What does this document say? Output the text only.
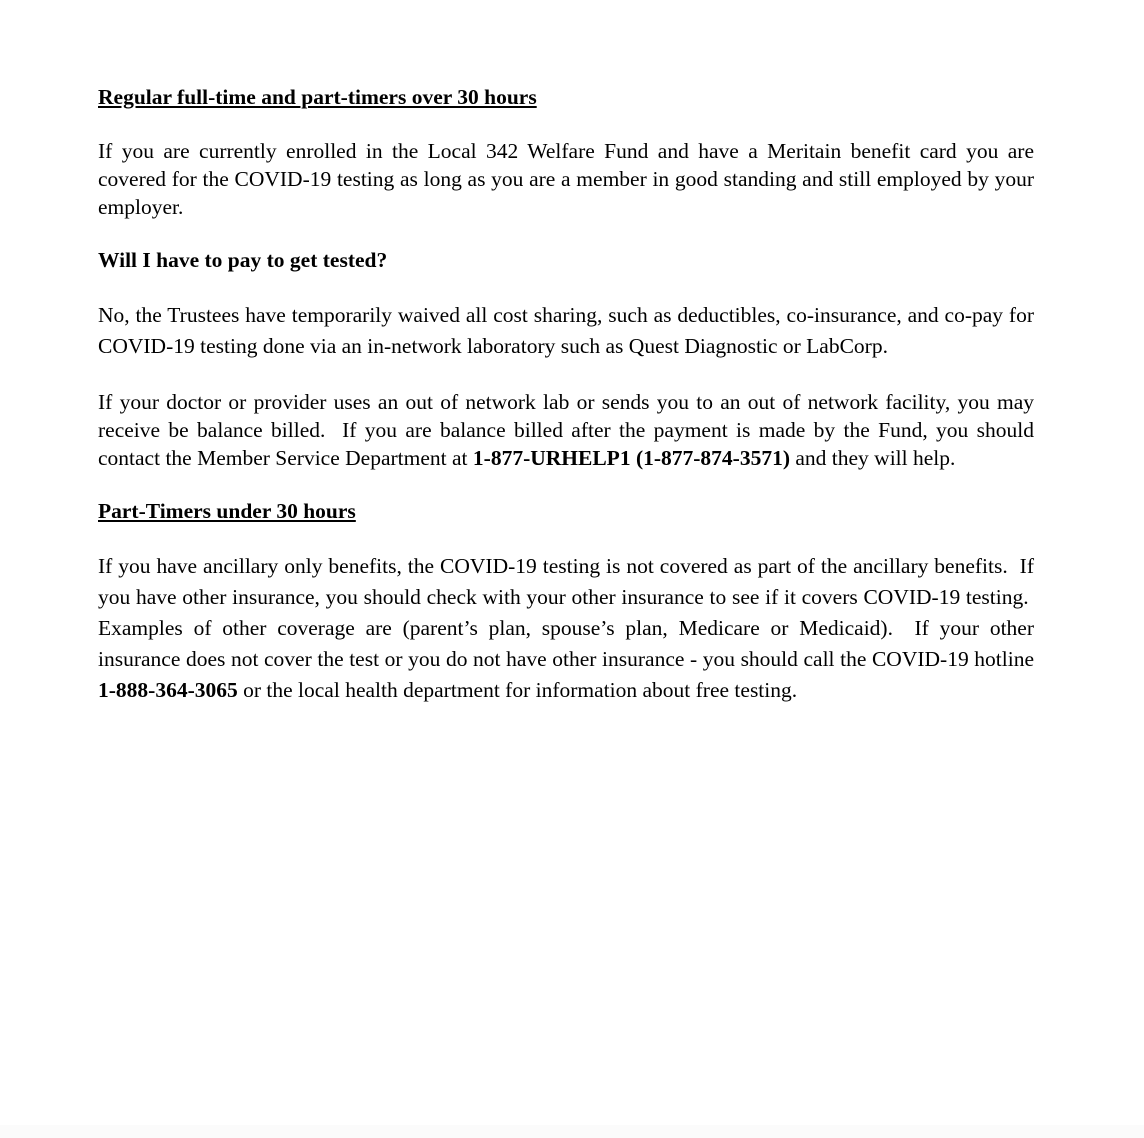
Regular full-time and part-timers over 30 hours
If you are currently enrolled in the Local 342 Welfare Fund and have a Meritain benefit card you are covered for the COVID-19 testing as long as you are a member in good standing and still employed by your employer.
Will I have to pay to get tested?
No, the Trustees have temporarily waived all cost sharing, such as deductibles, co-insurance, and co-pay for COVID-19 testing done via an in-network laboratory such as Quest Diagnostic or LabCorp.
If your doctor or provider uses an out of network lab or sends you to an out of network facility, you may receive be balance billed.  If you are balance billed after the payment is made by the Fund, you should contact the Member Service Department at 1-877-URHELP1 (1-877-874-3571) and they will help.
Part-Timers under 30 hours
If you have ancillary only benefits, the COVID-19 testing is not covered as part of the ancillary benefits.  If you have other insurance, you should check with your other insurance to see if it covers COVID-19 testing.  Examples of other coverage are (parent’s plan, spouse’s plan, Medicare or Medicaid).  If your other insurance does not cover the test or you do not have other insurance - you should call the COVID-19 hotline 1-888-364-3065 or the local health department for information about free testing.
